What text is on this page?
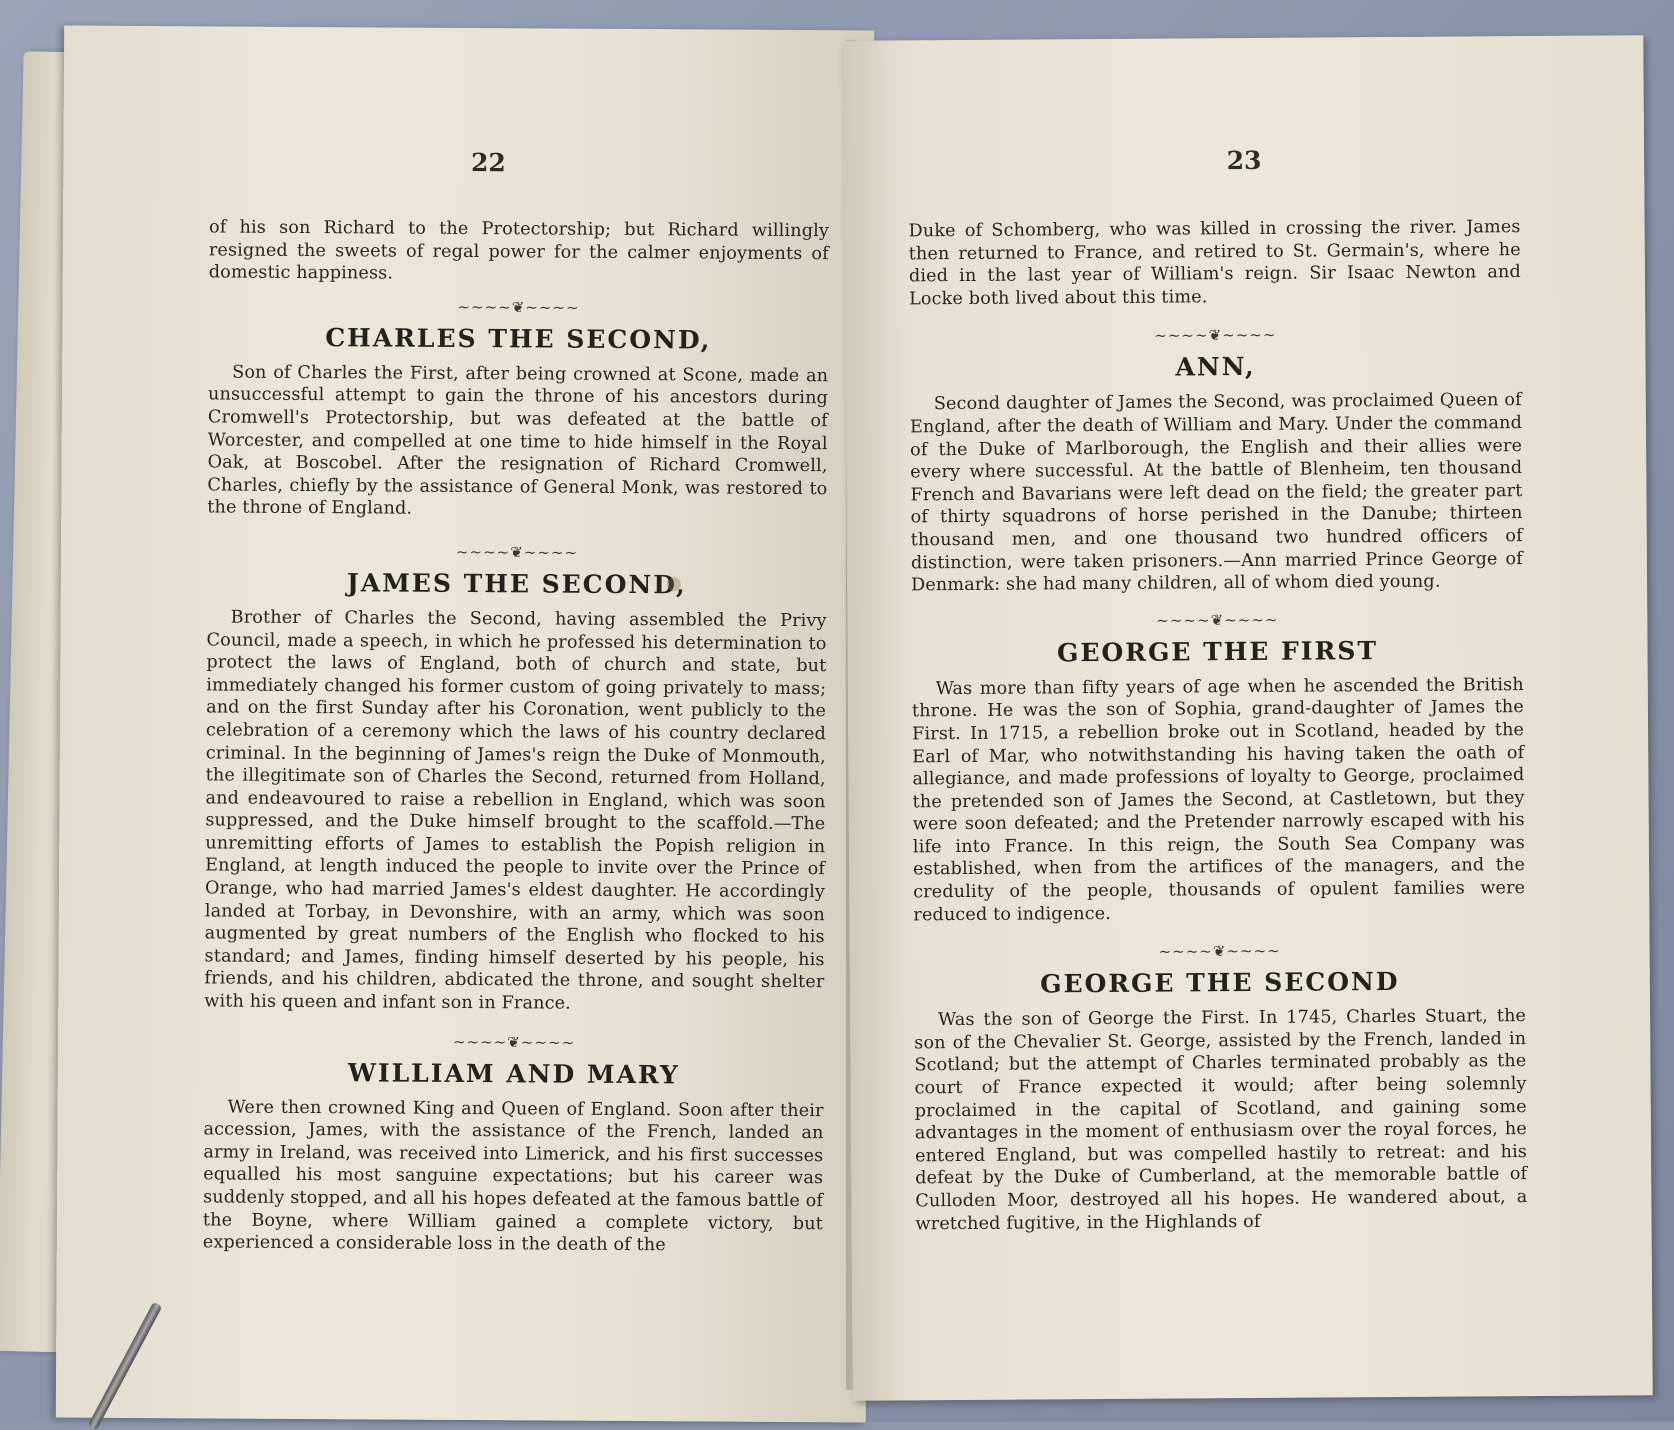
22

of his son Richard to the Protectorship; but Richard willingly resigned the sweets of regal power for the calmer enjoyments of domestic happiness.

~~~~❦~~~~
CHARLES THE SECOND,

Son of Charles the First, after being crowned at Scone, made an unsuccessful attempt to gain the throne of his ancestors during Cromwell's Protectorship, but was defeated at the battle of Worcester, and compelled at one time to hide himself in the Royal Oak, at Boscobel. After the resignation of Richard Cromwell, Charles, chiefly by the assistance of General Monk, was restored to the throne of England.

~~~~❦~~~~
JAMES THE SECOND,

Brother of Charles the Second, having assembled the Privy Council, made a speech, in which he professed his determination to protect the laws of England, both of church and state, but immediately changed his former custom of going privately to mass; and on the first Sunday after his Coronation, went publicly to the celebration of a ceremony which the laws of his country declared criminal. In the beginning of James's reign the Duke of Monmouth, the illegitimate son of Charles the Second, returned from Holland, and endeavoured to raise a rebellion in England, which was soon suppressed, and the Duke himself brought to the scaffold.—The unremitting efforts of James to establish the Popish religion in England, at length induced the people to invite over the Prince of Orange, who had married James's eldest daughter. He accordingly landed at Torbay, in Devonshire, with an army, which was soon augmented by great numbers of the English who flocked to his standard; and James, finding himself deserted by his people, his friends, and his children, abdicated the throne, and sought shelter with his queen and infant son in France.

~~~~❦~~~~
WILLIAM AND MARY

Were then crowned King and Queen of England. Soon after their accession, James, with the assistance of the French, landed an army in Ireland, was received into Limerick, and his first successes equalled his most sanguine expectations; but his career was suddenly stopped, and all his hopes defeated at the famous battle of the Boyne, where William gained a complete victory, but experienced a considerable loss in the death of the

23

Duke of Schomberg, who was killed in crossing the river. James then returned to France, and retired to St. Germain's, where he died in the last year of William's reign. Sir Isaac Newton and Locke both lived about this time.

~~~~❦~~~~
ANN,

Second daughter of James the Second, was proclaimed Queen of England, after the death of William and Mary. Under the command of the Duke of Marlborough, the English and their allies were every where successful. At the battle of Blenheim, ten thousand French and Bavarians were left dead on the field; the greater part of thirty squadrons of horse perished in the Danube; thirteen thousand men, and one thousand two hundred officers of distinction, were taken prisoners.—Ann married Prince George of Denmark: she had many children, all of whom died young.

~~~~❦~~~~
GEORGE THE FIRST

Was more than fifty years of age when he ascended the British throne. He was the son of Sophia, grand-daughter of James the First. In 1715, a rebellion broke out in Scotland, headed by the Earl of Mar, who notwithstanding his having taken the oath of allegiance, and made professions of loyalty to George, proclaimed the pretended son of James the Second, at Castletown, but they were soon defeated; and the Pretender narrowly escaped with his life into France. In this reign, the South Sea Company was established, when from the artifices of the managers, and the credulity of the people, thousands of opulent families were reduced to indigence.

~~~~❦~~~~
GEORGE THE SECOND

Was the son of George the First. In 1745, Charles Stuart, the son of the Chevalier St. George, assisted by the French, landed in Scotland; but the attempt of Charles terminated probably as the court of France expected it would; after being solemnly proclaimed in the capital of Scotland, and gaining some advantages in the moment of enthusiasm over the royal forces, he entered England, but was compelled hastily to retreat: and his defeat by the Duke of Cumberland, at the memorable battle of Culloden Moor, destroyed all his hopes. He wandered about, a wretched fugitive, in the Highlands of
